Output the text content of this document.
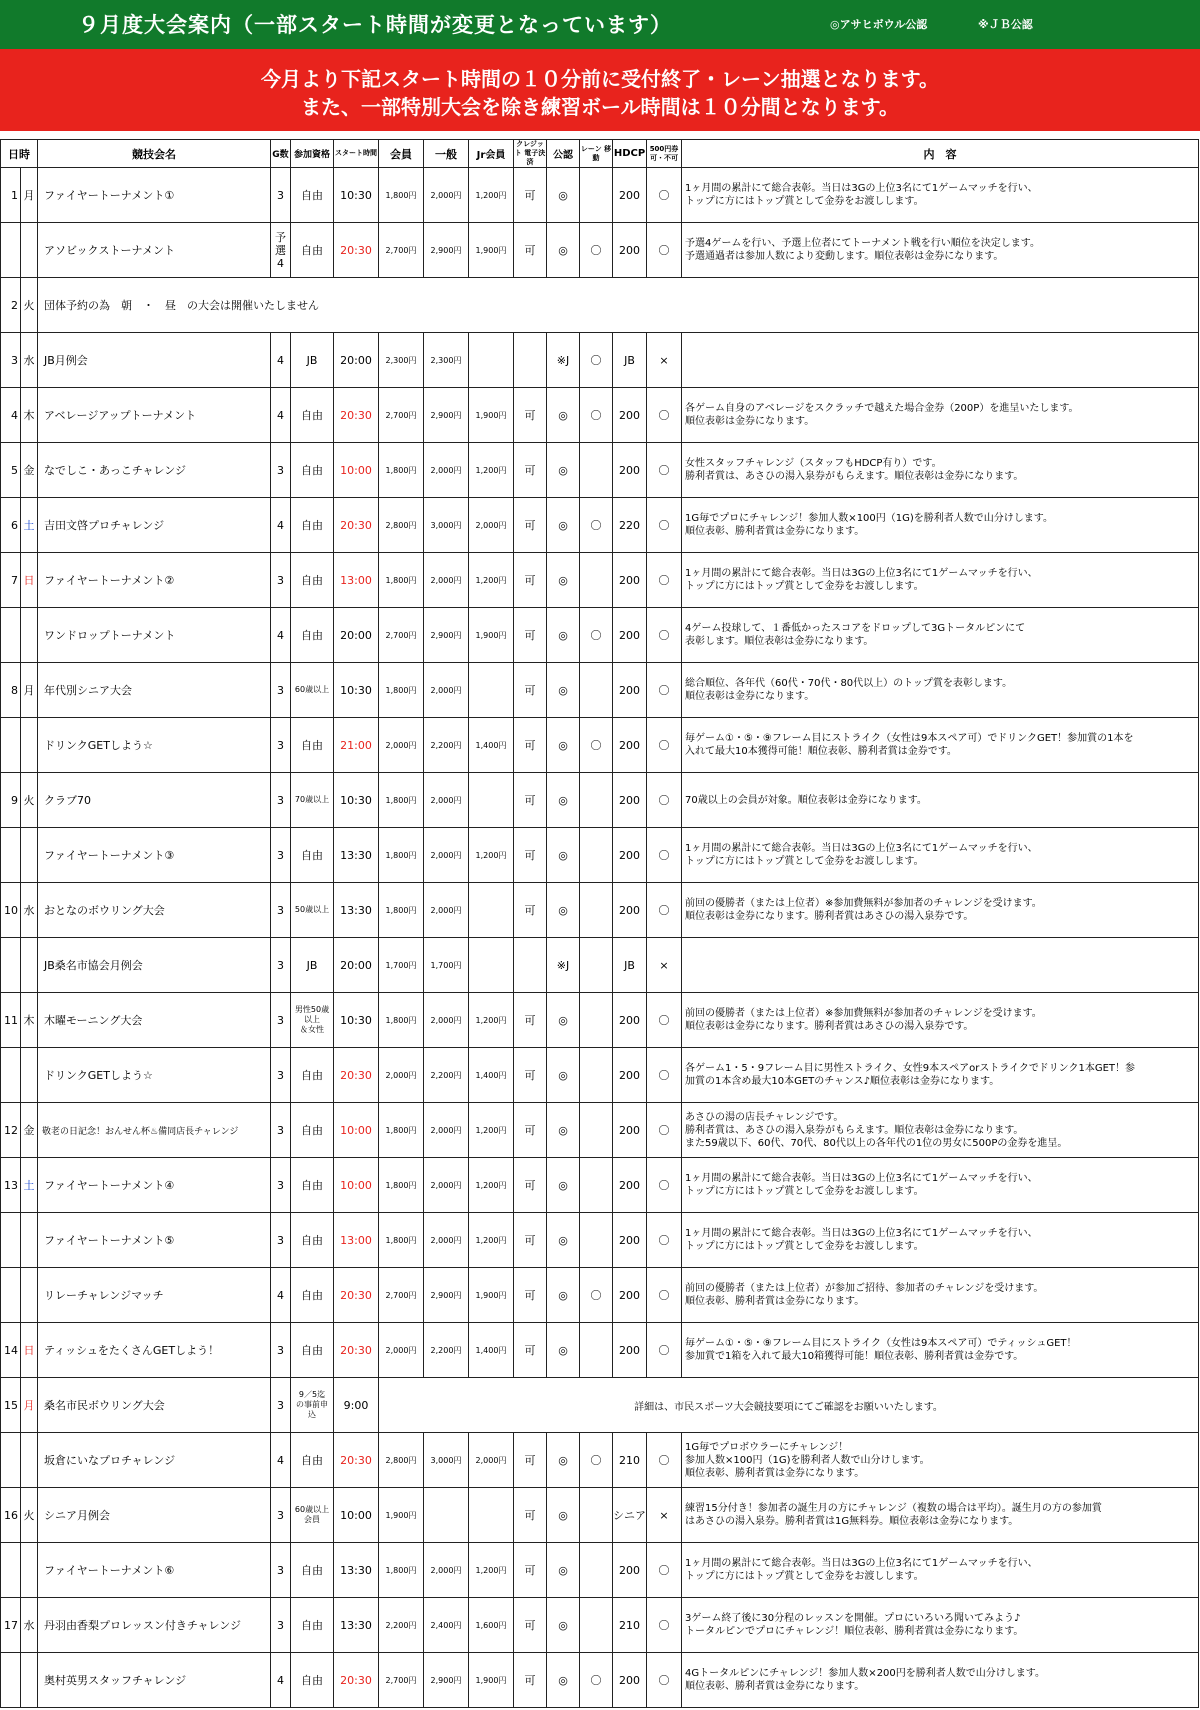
９月度大会案内（一部スタート時間が変更となっています）	◎アサヒボウル公認	※ＪＢ公認
今月より下記スタート時間の１０分前に受付終了・レーン抽選となります。
また、一部特別大会を除き練習ボール時間は１０分間となります。
日時		競技会名	G数	参加資格	スタート時間	会員	一般	Jr会員	クレジット 電子決済	公認	レーン 移動	HDCP	500円券 可・不可	内　容
1	月	ファイヤートーナメント①	3	自由	10:30	1,800円	2,000円	1,200円	可	◎		200	〇	1ヶ月間の累計にて総合表彰。当日は3Gの上位3名にて1ゲームマッチを行い、
トップに方にはトップ賞として金券をお渡しします。
		アソビックストーナメント	予
選
4	自由	20:30	2,700円	2,900円	1,900円	可	◎	〇	200	〇	予選4ゲームを行い、予選上位者にてトーナメント戦を行い順位を決定します。
予選通過者は参加人数により変動します。順位表彰は金券になります。
2	火	団体予約の為　朝　・　昼　の大会は開催いたしません												
3	水	JB月例会	4	JB	20:00	2,300円	2,300円			※J	〇	JB	×	
4	木	アベレージアップトーナメント	4	自由	20:30	2,700円	2,900円	1,900円	可	◎	〇	200	〇	各ゲーム自身のアベレージをスクラッチで越えた場合金券（200P）を進呈いたします。
順位表彰は金券になります。
5	金	なでしこ・あっこチャレンジ	3	自由	10:00	1,800円	2,000円	1,200円	可	◎		200	〇	女性スタッフチャレンジ（スタッフもHDCP有り）です。
勝利者賞は、あさひの湯入泉券がもらえます。順位表彰は金券になります。
6	土	吉田文啓プロチャレンジ	4	自由	20:30	2,800円	3,000円	2,000円	可	◎	〇	220	〇	1G毎でプロにチャレンジ！参加人数×100円（1G)を勝利者人数で山分けします。
順位表彰、勝利者賞は金券になります。
7	日	ファイヤートーナメント②	3	自由	13:00	1,800円	2,000円	1,200円	可	◎		200	〇	1ヶ月間の累計にて総合表彰。当日は3Gの上位3名にて1ゲームマッチを行い、
トップに方にはトップ賞として金券をお渡しします。
		ワンドロップトーナメント	4	自由	20:00	2,700円	2,900円	1,900円	可	◎	〇	200	〇	4ゲーム投球して、１番低かったスコアをドロップして3Gトータルピンにて
表彰します。順位表彰は金券になります。
8	月	年代別シニア大会	3	60歳以上	10:30	1,800円	2,000円		可	◎		200	〇	総合順位、各年代（60代・70代・80代以上）のトップ賞を表彰します。
順位表彰は金券になります。
		ドリンクGETしよう☆	3	自由	21:00	2,000円	2,200円	1,400円	可	◎	〇	200	〇	毎ゲーム①・⑤・⑨フレーム目にストライク（女性は9本スペア可）でドリンクGET！参加賞の1本を
入れて最大10本獲得可能！順位表彰、勝利者賞は金券です。
9	火	クラブ70	3	70歳以上	10:30	1,800円	2,000円		可	◎		200	〇	70歳以上の会員が対象。順位表彰は金券になります。
		ファイヤートーナメント③	3	自由	13:30	1,800円	2,000円	1,200円	可	◎		200	〇	1ヶ月間の累計にて総合表彰。当日は3Gの上位3名にて1ゲームマッチを行い、
トップに方にはトップ賞として金券をお渡しします。
10	水	おとなのボウリング大会	3	50歳以上	13:30	1,800円	2,000円		可	◎		200	〇	前回の優勝者（または上位者）※参加費無料が参加者のチャレンジを受けます。
順位表彰は金券になります。勝利者賞はあさひの湯入泉券です。
		JB桑名市協会月例会	3	JB	20:00	1,700円	1,700円			※J		JB	×	
11	木	木曜モーニング大会	3	男性50歳
以上
＆女性	10:30	1,800円	2,000円	1,200円	可	◎		200	〇	前回の優勝者（または上位者）※参加費無料が参加者のチャレンジを受けます。
順位表彰は金券になります。勝利者賞はあさひの湯入泉券です。
		ドリンクGETしよう☆	3	自由	20:30	2,000円	2,200円	1,400円	可	◎		200	〇	各ゲーム1・5・9フレーム目に男性ストライク、女性9本スペアorストライクでドリンク1本GET！参
加賞の1本含め最大10本GETのチャンス♪順位表彰は金券になります。
12	金	敬老の日記念！おんせん杯♨備同店長チャレンジ	3	自由	10:00	1,800円	2,000円	1,200円	可	◎		200	〇	あさひの湯の店長チャレンジです。
勝利者賞は、あさひの湯入泉券がもらえます。順位表彰は金券になります。
また59歳以下、60代、70代、80代以上の各年代の1位の男女に500Pの金券を進呈。
13	土	ファイヤートーナメント④	3	自由	10:00	1,800円	2,000円	1,200円	可	◎		200	〇	1ヶ月間の累計にて総合表彰。当日は3Gの上位3名にて1ゲームマッチを行い、
トップに方にはトップ賞として金券をお渡しします。
		ファイヤートーナメント⑤	3	自由	13:00	1,800円	2,000円	1,200円	可	◎		200	〇	1ヶ月間の累計にて総合表彰。当日は3Gの上位3名にて1ゲームマッチを行い、
トップに方にはトップ賞として金券をお渡しします。
		リレーチャレンジマッチ	4	自由	20:30	2,700円	2,900円	1,900円	可	◎	〇	200	〇	前回の優勝者（または上位者）が参加ご招待、参加者のチャレンジを受けます。
順位表彰、勝利者賞は金券になります。
14	日	ティッシュをたくさんGETしよう！	3	自由	20:30	2,000円	2,200円	1,400円	可	◎		200	〇	毎ゲーム①・⑤・⑨フレーム目にストライク（女性は9本スペア可）でティッシュGET！
参加賞で1箱を入れて最大10箱獲得可能！順位表彰、勝利者賞は金券です。
15	月	桑名市民ボウリング大会	3	9／5迄
の事前申
込	9:00	詳細は、市民スポーツ大会競技要項にてご確認をお願いいたします。								
		坂倉にいなプロチャレンジ	4	自由	20:30	2,800円	3,000円	2,000円	可	◎	〇	210	〇	1G毎でプロボウラーにチャレンジ！
参加人数×100円（1G)を勝利者人数で山分けします。
順位表彰、勝利者賞は金券になります。
16	火	シニア月例会	3	60歳以上
会員	10:00	1,900円			可	◎		シニア	×	練習15分付き！参加者の誕生月の方にチャレンジ（複数の場合は平均）。誕生月の方の参加賞
はあさひの湯入泉券。勝利者賞は1G無料券。順位表彰は金券になります。
		ファイヤートーナメント⑥	3	自由	13:30	1,800円	2,000円	1,200円	可	◎		200	〇	1ヶ月間の累計にて総合表彰。当日は3Gの上位3名にて1ゲームマッチを行い、
トップに方にはトップ賞として金券をお渡しします。
17	水	丹羽由香梨プロレッスン付きチャレンジ	3	自由	13:30	2,200円	2,400円	1,600円	可	◎		210	〇	3ゲーム終了後に30分程のレッスンを開催。プロにいろいろ聞いてみよう♪
トータルピンでプロにチャレンジ！順位表彰、勝利者賞は金券になります。
		奥村英男スタッフチャレンジ	4	自由	20:30	2,700円	2,900円	1,900円	可	◎	〇	200	〇	4Gトータルピンにチャレンジ！参加人数×200円を勝利者人数で山分けします。
順位表彰、勝利者賞は金券になります。
